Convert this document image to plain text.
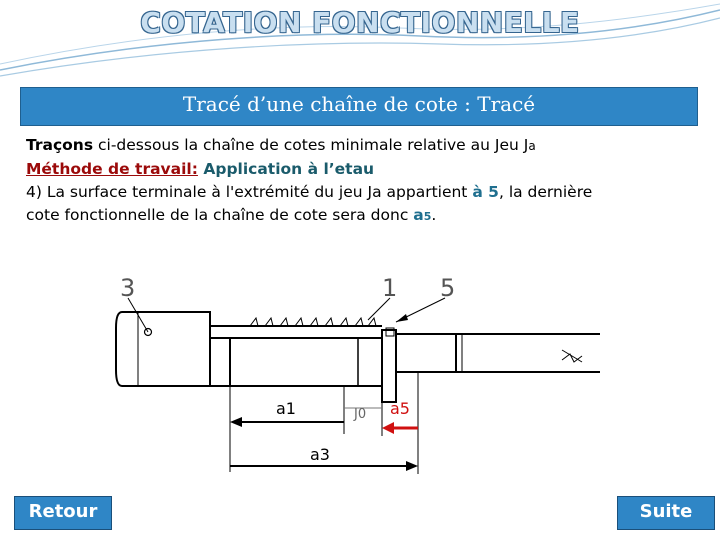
COTATION FONCTIONNELLE
Tracé d’une chaîne de cote : Tracé

Traçons ci-dessous la chaîne de cotes minimale relative au Jeu Ja

Méthode de travail: Application à l’etau

4) La surface terminale à l'extrémité du jeu Ja appartient à 5, la dernière

cote fonctionnelle de la chaîne de cote sera donc a5.

3	1 5
J0
a1	a5
a3
Retour	Suite
